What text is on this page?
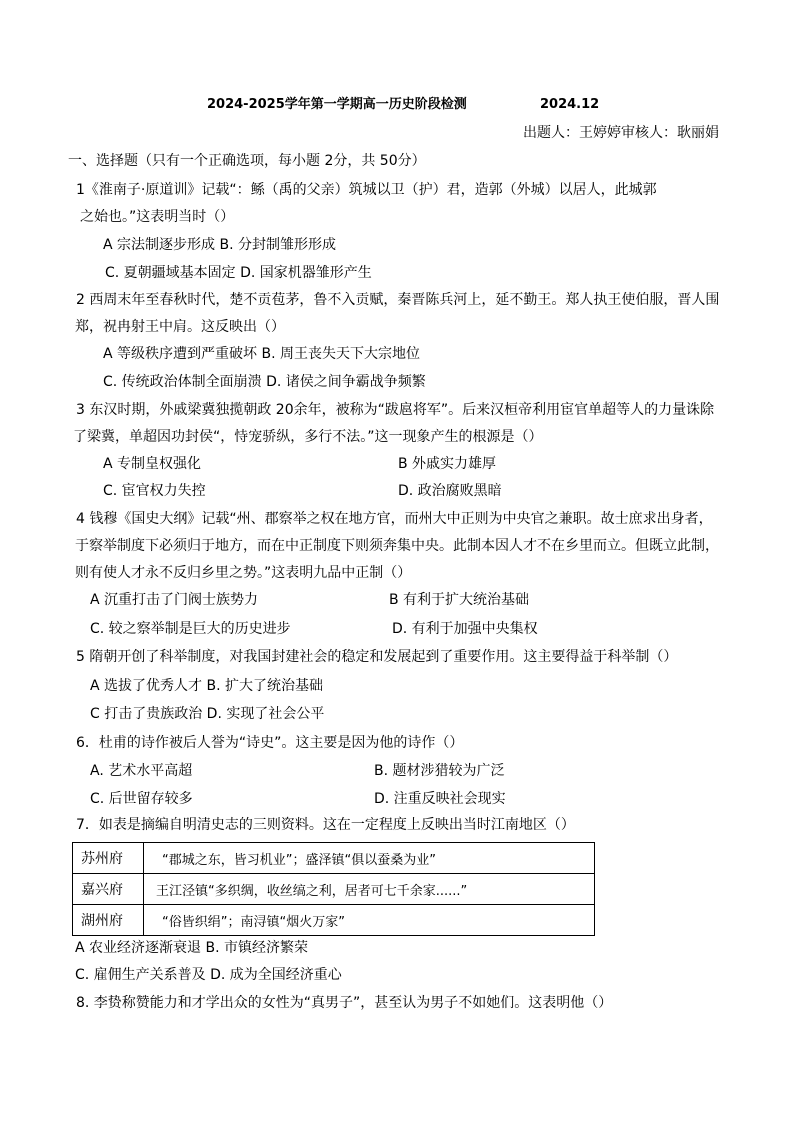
2024-2025学年第一学期高一历史阶段检测	2024.12
出题人：王婷婷审核人：耿丽娟
一、选择题（只有一个正确选项，每小题 2分，共 50分）
1《淮南子·原道训》记载“：鲧（禹的父亲）筑城以卫（护）君，造郭（外城）以居人，此城郭
之始也。”这表明当时（）
A 宗法制逐步形成 B. 分封制雏形形成
C. 夏朝疆域基本固定 D. 国家机器雏形产生
2 西周末年至春秋时代，楚不贡苞茅，鲁不入贡赋，秦晋陈兵河上，延不勤王。郑人执王使伯服，晋人围
郑，祝冉射王中肩。这反映出（）
A 等级秩序遭到严重破坏 B. 周王丧失天下大宗地位
C. 传统政治体制全面崩溃 D. 诸侯之间争霸战争频繁
3 东汉时期，外戚梁冀独揽朝政 20余年，被称为“跋扈将军”。后来汉桓帝利用宦官单超等人的力量诛除
了梁冀，单超因功封侯“，恃宠骄纵，多行不法。”这一现象产生的根源是（）
A 专制皇权强化	B 外戚实力雄厚
C. 宦官权力失控	D. 政治腐败黑暗
4 钱穆《国史大纲》记载“州、郡察举之权在地方官，而州大中正则为中央官之兼职。故士庶求出身者，
于察举制度下必须归于地方，而在中正制度下则须奔集中央。此制本因人才不在乡里而立。但既立此制，
则有使人才永不反归乡里之势。”这表明九品中正制（）
A 沉重打击了门阀士族势力	B 有利于扩大统治基础
C. 较之察举制是巨大的历史进步	D. 有利于加强中央集权
5 隋朝开创了科举制度，对我国封建社会的稳定和发展起到了重要作用。这主要得益于科举制（）
A 选拔了优秀人才 B. 扩大了统治基础
C 打击了贵族政治 D. 实现了社会公平
6．杜甫的诗作被后人誉为“诗史”。这主要是因为他的诗作（）
A. 艺术水平高超	B. 题材涉猎较为广泛
C. 后世留存较多	D. 注重反映社会现实
7．如表是摘编自明清史志的三则资料。这在一定程度上反映出当时江南地区（）
苏州府	“郡城之东，皆习机业”；盛泽镇“俱以蚕桑为业”
嘉兴府	王江泾镇“多织绸，收丝缟之利，居者可七千余家......”
湖州府	“俗皆织绢”；南浔镇“烟火万家”
A 农业经济逐渐衰退 B. 市镇经济繁荣
C. 雇佣生产关系普及 D. 成为全国经济重心
8. 李贽称赞能力和才学出众的女性为“真男子”，甚至认为男子不如她们。这表明他（）
